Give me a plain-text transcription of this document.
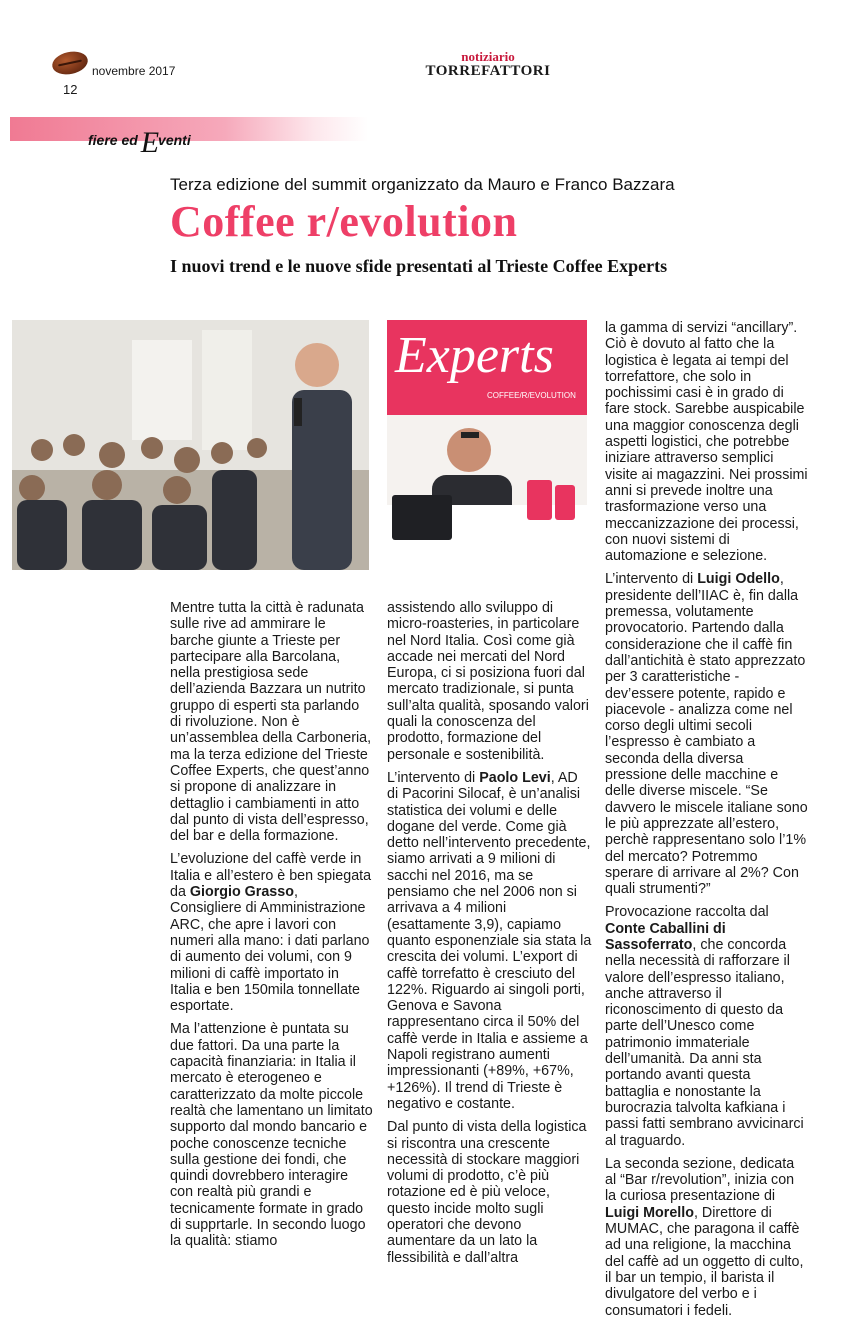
novembre 2017
12
notiziario
TORREFATTORI
fiere ed Eventi
Terza edizione del summit organizzato da Mauro e Franco Bazzara
Coffee r/evolution
I nuovi trend e le nuove sfide presentati al Trieste Coffee Experts
Experts
COFFEE/R/EVOLUTION

Mentre tutta la città è radunata sulle rive ad ammirare le barche giunte a Trieste per partecipare alla Barcolana, nella prestigiosa sede dell’azienda Bazzara un nutrito gruppo di esperti sta parlando di rivoluzione. Non è un’assemblea della Carboneria, ma la terza edizione del Trieste Coffee Experts, che quest’anno si propone di analizzare in dettaglio i cambiamenti in atto dal punto di vista dell’espresso, del bar e della formazione.

L’evoluzione del caffè verde in Italia e all’estero è ben spiegata da Giorgio Grasso, Consigliere di Amministrazione ARC, che apre i lavori con numeri alla mano: i dati parlano di aumento dei volumi, con 9 milioni di caffè importato in Italia e ben 150mila tonnellate esportate.

Ma l’attenzione è puntata su due fattori. Da una parte la capacità finanziaria: in Italia il mercato è eterogeneo e caratterizzato da molte piccole realtà che lamentano un limitato supporto dal mondo bancario e poche conoscenze tecniche sulla gestione dei fondi, che quindi dovrebbero interagire con realtà più grandi e tecnicamente formate in grado di supprtarle. In secondo luogo la qualità: stiamo

assistendo allo sviluppo di micro-roasteries, in particolare nel Nord Italia. Così come già accade nei mercati del Nord Europa, ci si posiziona fuori dal mercato tradizionale, si punta sull’alta qualità, sposando valori quali la conoscenza del prodotto, formazione del personale e sostenibilità.

L’intervento di Paolo Levi, AD di Pacorini Silocaf, è un’analisi statistica dei volumi e delle dogane del verde. Come già detto nell’intervento precedente, siamo arrivati a 9 milioni di sacchi nel 2016, ma se pensiamo che nel 2006 non si arrivava a 4 milioni (esattamente 3,9), capiamo quanto esponenziale sia stata la crescita dei volumi. L’export di caffè torrefatto è cresciuto del 122%. Riguardo ai singoli porti, Genova e Savona rappresentano circa il 50% del caffè verde in Italia e assieme a Napoli registrano aumenti impressionanti (+89%, +67%, +126%). Il trend di Trieste è negativo e costante.

Dal punto di vista della logistica si riscontra una crescente necessità di stockare maggiori volumi di prodotto, c’è più rotazione ed è più veloce, questo incide molto sugli operatori che devono aumentare da un lato la flessibilità e dall’altra

la gamma di servizi “ancillary”. Ciò è dovuto al fatto che la logistica è legata ai tempi del torrefattore, che solo in pochissimi casi è in grado di fare stock. Sarebbe auspicabile una maggior conoscenza degli aspetti logistici, che potrebbe iniziare attraverso semplici visite ai magazzini. Nei prossimi anni si prevede inoltre una trasformazione verso una meccanizzazione dei processi, con nuovi sistemi di automazione e selezione.

L’intervento di Luigi Odello, presidente dell’IIAC è, fin dalla premessa, volutamente provocatorio. Partendo dalla considerazione che il caffè fin dall’antichità è stato apprezzato per 3 caratteristiche - dev’essere potente, rapido e piacevole - analizza come nel corso degli ultimi secoli l’espresso è cambiato a seconda della diversa pressione delle macchine e delle diverse miscele. “Se davvero le miscele italiane sono le più apprezzate all’estero, perchè rappresentano solo l’1% del mercato? Potremmo sperare di arrivare al 2%? Con quali strumenti?”

Provocazione raccolta dal Conte Caballini di Sassoferrato, che concorda nella necessità di rafforzare il valore dell’espresso italiano, anche attraverso il riconoscimento di questo da parte dell’Unesco come patrimonio immateriale dell’umanità. Da anni sta portando avanti questa battaglia e nonostante la burocrazia talvolta kafkiana i passi fatti sembrano avvicinarci al traguardo.

La seconda sezione, dedicata al “Bar r/revolution”, inizia con la curiosa presentazione di Luigi Morello, Direttore di MUMAC, che paragona il caffè ad una religione, la macchina del caffè ad un oggetto di culto, il bar un tempio, il barista il divulgatore del verbo e i consumatori i fedeli.
